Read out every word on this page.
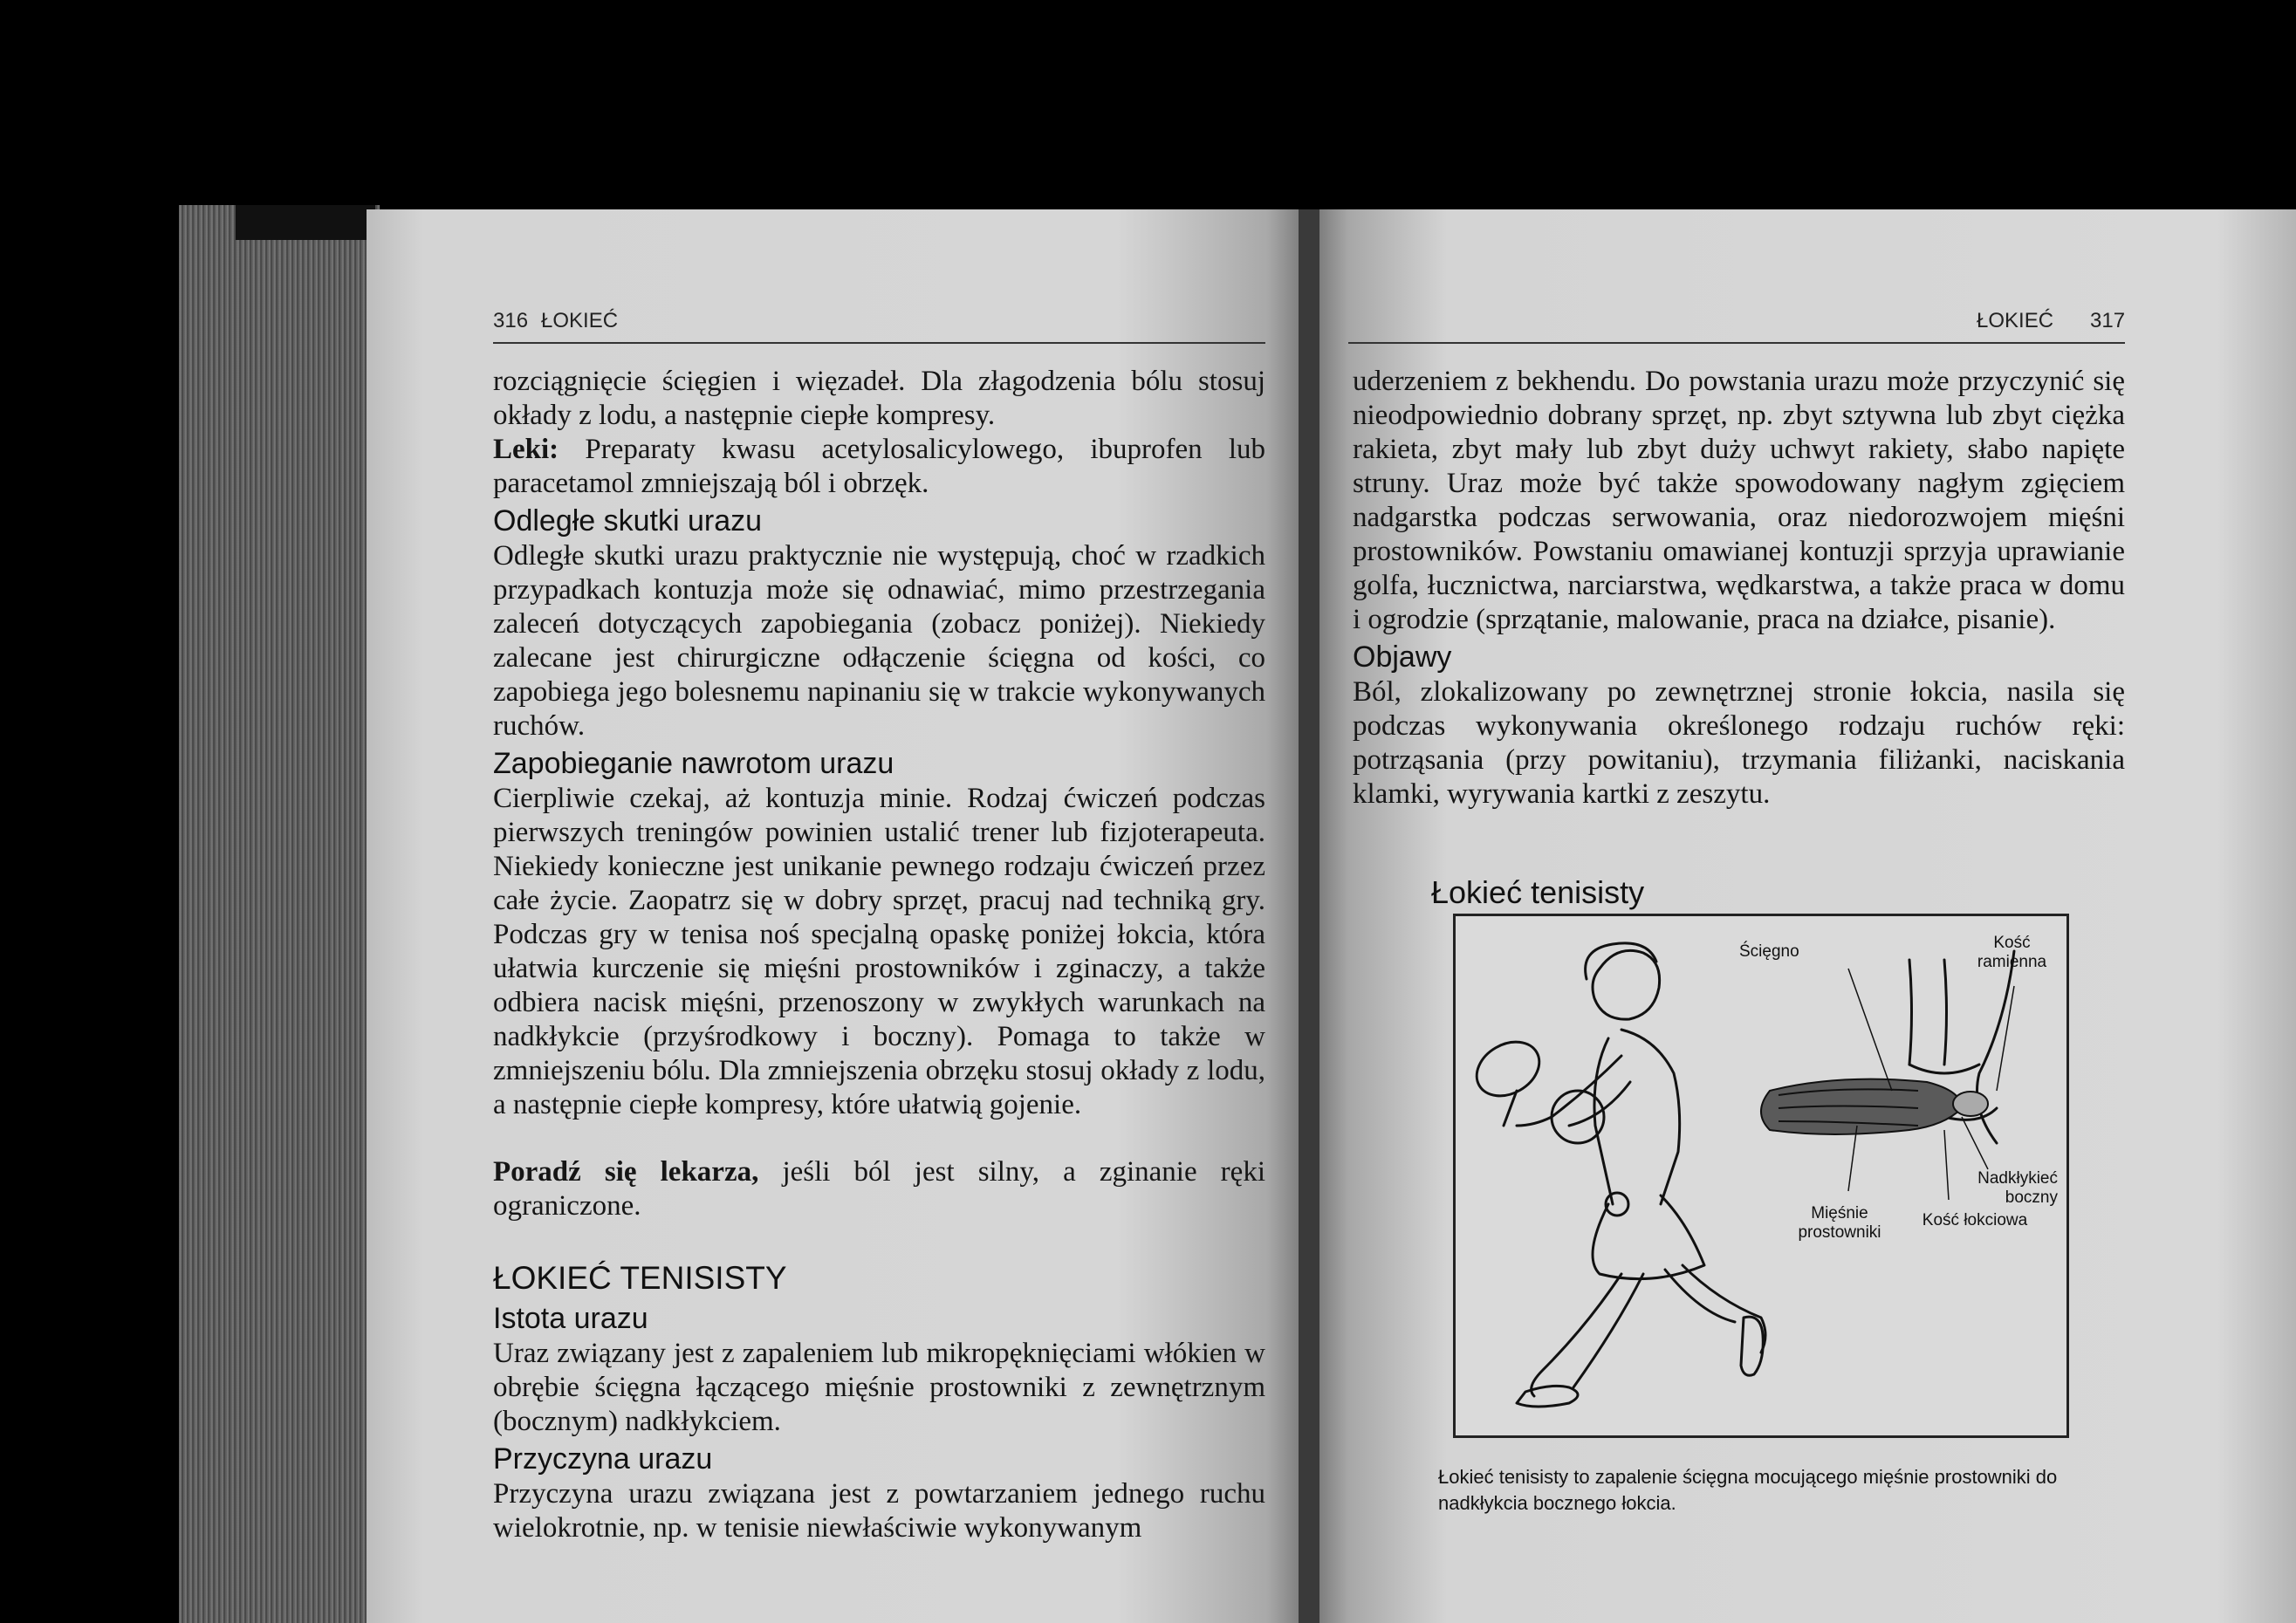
316 ŁOKIEĆ

rozciągnięcie ścięgien i więzadeł. Dla złagodzenia bólu stosuj okłady z lodu, a następnie ciepłe kompresy.

Leki: Preparaty kwasu acetylosalicylowego, ibuprofen lub paracetamol zmniejszają ból i obrzęk.

Odległe skutki urazu

Odległe skutki urazu praktycznie nie występują, choć w rzadkich przypadkach kontuzja może się odnawiać, mimo przestrzegania zaleceń dotyczących zapobiegania (zobacz poniżej). Niekiedy zalecane jest chirurgiczne odłączenie ścięgna od kości, co zapobiega jego bolesnemu napinaniu się w trakcie wykonywanych ruchów.

Zapobieganie nawrotom urazu

Cierpliwie czekaj, aż kontuzja minie. Rodzaj ćwiczeń podczas pierwszych treningów powinien ustalić trener lub fizjoterapeuta. Niekiedy konieczne jest unikanie pewnego rodzaju ćwiczeń przez całe życie. Zaopatrz się w dobry sprzęt, pracuj nad techniką gry. Podczas gry w tenisa noś specjalną opaskę poniżej łokcia, która ułatwia kurczenie się mięśni prostowników i zginaczy, a także odbiera nacisk mięśni, przenoszony w zwykłych warunkach na nadkłykcie (przyśrodkowy i boczny). Pomaga to także w zmniejszeniu bólu. Dla zmniejszenia obrzęku stosuj okłady z lodu, a następnie ciepłe kompresy, które ułatwią gojenie.

Poradź się lekarza, jeśli ból jest silny, a zginanie ręki ograniczone.

ŁOKIEĆ TENISISTY
Istota urazu

Uraz związany jest z zapaleniem lub mikropęknięciami włókien w obrębie ścięgna łączącego mięśnie prostowniki z zewnętrznym (bocznym) nadkłykciem.

Przyczyna urazu

Przyczyna urazu związana jest z powtarzaniem jednego ruchu wielokrotnie, np. w tenisie niewłaściwie wykonywanym

ŁOKIEĆ 317

uderzeniem z bekhendu. Do powstania urazu może przyczynić się nieodpowiednio dobrany sprzęt, np. zbyt sztywna lub zbyt ciężka rakieta, zbyt mały lub zbyt duży uchwyt rakiety, słabo napięte struny. Uraz może być także spowodowany nagłym zgięciem nadgarstka podczas serwowania, oraz niedorozwojem mięśni prostowników. Powstaniu omawianej kontuzji sprzyja uprawianie golfa, łucznictwa, narciarstwa, wędkarstwa, a także praca w domu i ogrodzie (sprzątanie, malowanie, praca na działce, pisanie).

Objawy

Ból, zlokalizowany po zewnętrznej stronie łokcia, nasila się podczas wykonywania określonego rodzaju ruchów ręki: potrząsania (przy powitaniu), trzymania filiżanki, naciskania klamki, wyrywania kartki z zeszytu.

Łokieć tenisisty
Ścięgno	Kość ramienna
Nadkłykieć boczny
Mięśnie prostowniki
Kość łokciowa
Łokieć tenisisty to zapalenie ścięgna mocującego mięśnie prostowniki do nadkłykcia bocznego łokcia.
